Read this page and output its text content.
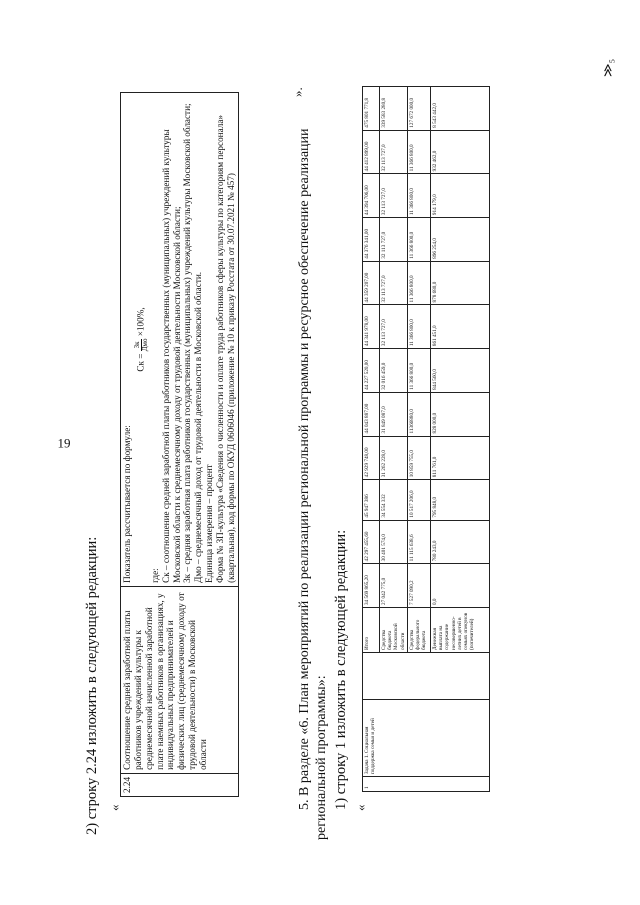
19
2) строку 2.24 изложить в следующей редакции: «
2.24	Соотношение средней заработной платы работников учреждений культуры к среднемесячной начисленной заработной плате наемных работников в организациях, у индивидуальных предпринимателей и физических лиц (среднемесячному доходу от трудовой деятельности) в Московской области	
Показатель рассчитывается по формуле:
Ск =
Зк Дмо
×100%,
где: Ск – соотношение средней заработной платы работников государственных (муниципальных) учреждений культуры Московской области к среднемесячному доходу от трудовой деятельности Московской области; Зк – средняя заработная плата работников государственных (муниципальных) учреждений культуры Московской области; Дмо – среднемесячный доход от трудовой деятельности в Московской области. Единица измерения – процент Форма № ЗП-культура «Сведения о численности и оплате труда работников сферы культуры по категориям персонала» (квартальная), код формы по ОКУД 0606046 (приложение № 10 к приказу Росстата от 30.07.2021 № 457)
».
5. В разделе «6. План мероприятий по реализации региональной программы и ресурсное обеспечение реализации региональной программы»: 1) строку 1 изложить в следующей редакции: «
1	Задача 1. Социальная поддержка семьи и детей		Итого	34 569 865,20	42 297 455,60	45 947 386	42 929 748,00	44 043 887,00	44 227 520,00	44 341 978,00	44 359 207,00	44 376 341,00	44 394 706,00	44 412 899,00	475 801 771,8
			Средства бюджета Московской области	27 042 775,0	30 401 574,0	34 554 332	31 262 228,0	31 849 087,0	32 016 459,0	32 113 727,0	32 113 727,0	32 113 727,0	32 113 727,0	32 113 727,0	339 583 280,8
			Средства федерального бюджета	7 527 090,2	11 115 638,6	10 517 206,0	10 859 755,0	11366880,0	11 366 800,0	11 366 800,0	11 366 800,0	11 366 800,0	11 366 800,0	11 366 800,0	127 672 000,0
			Денежная выплата на содержание несовершенно-летних детей в семьях опекунов (попечителей)	0,0	780 243,0	795 848,0	811 761,0	828 000,0	844 560,0	861 451,0	878 680,0	896 254,0	914 179,0	932 462,0	8 543 442,0
≫₅
